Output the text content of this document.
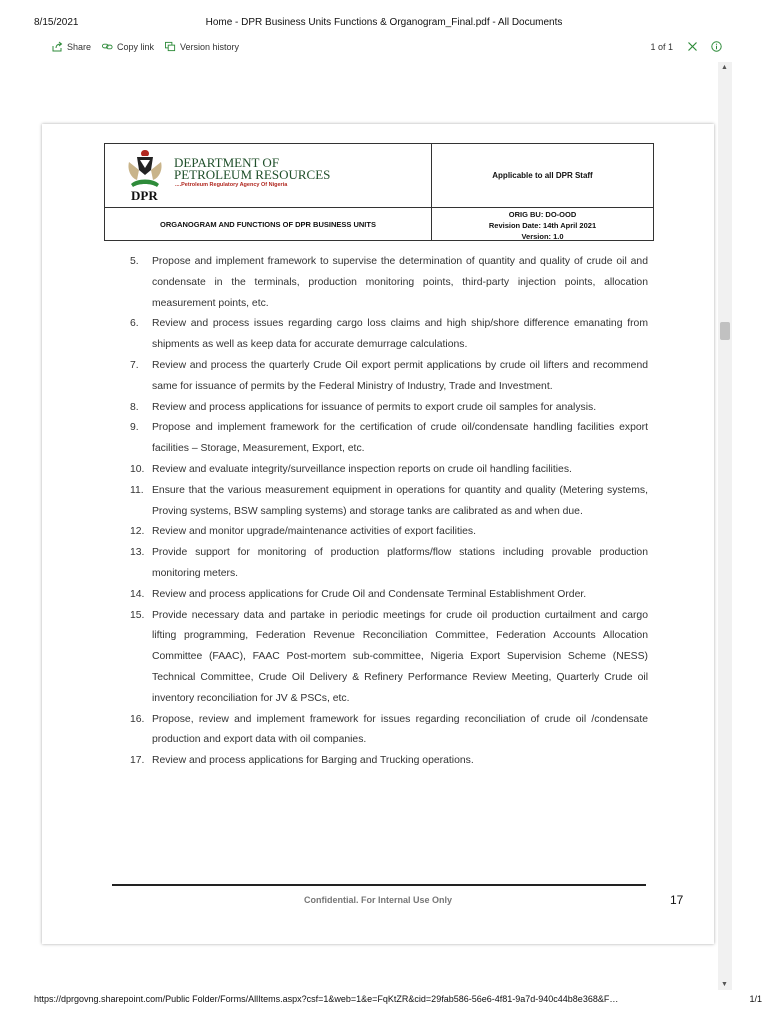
8/15/2021	Home - DPR Business Units Functions & Organogram_Final.pdf - All Documents
Share	Copy link	Version history	1 of 1
▲
▼
DPR
DEPARTMENT OF
PETROLEUM RESOURCES
....Petroleum Regulatory Agency Of Nigeria
Applicable to all DPR Staff
ORGANOGRAM AND FUNCTIONS OF DPR BUSINESS UNITS
ORIG BU: DO-OOD
Revision Date: 14th April 2021
Version: 1.0
5. Propose and implement framework to supervise the determination of quantity and quality of crude oil and condensate in the terminals, production monitoring points, third-party injection points, allocation measurement points, etc.
6. Review and process issues regarding cargo loss claims and high ship/shore difference emanating from shipments as well as keep data for accurate demurrage calculations.
7. Review and process the quarterly Crude Oil export permit applications by crude oil lifters and recommend same for issuance of permits by the Federal Ministry of Industry, Trade and Investment.
8. Review and process applications for issuance of permits to export crude oil samples for analysis.
9. Propose and implement framework for the certification of crude oil/condensate handling facilities export facilities – Storage, Measurement, Export, etc.
10. Review and evaluate integrity/surveillance inspection reports on crude oil handling facilities.
11. Ensure that the various measurement equipment in operations for quantity and quality (Metering systems, Proving systems, BSW sampling systems) and storage tanks are calibrated as and when due.
12. Review and monitor upgrade/maintenance activities of export facilities.
13. Provide support for monitoring of production platforms/flow stations including provable production monitoring meters.
14. Review and process applications for Crude Oil and Condensate Terminal Establishment Order.
15. Provide necessary data and partake in periodic meetings for crude oil production curtailment and cargo lifting programming, Federation Revenue Reconciliation Committee, Federation Accounts Allocation Committee (FAAC), FAAC Post-mortem sub-committee, Nigeria Export Supervision Scheme (NESS) Technical Committee, Crude Oil Delivery & Refinery Performance Review Meeting, Quarterly Crude oil inventory reconciliation for JV & PSCs, etc.
16. Propose, review and implement framework for issues regarding reconciliation of crude oil /condensate production and export data with oil companies.
17. Review and process applications for Barging and Trucking operations.
Confidential. For Internal Use Only	17
https://dprgovng.sharepoint.com/Public Folder/Forms/AllItems.aspx?csf=1&web=1&e=FqKtZR&cid=29fab586-56e6-4f81-9a7d-940c44b8e368&F…	1/1
